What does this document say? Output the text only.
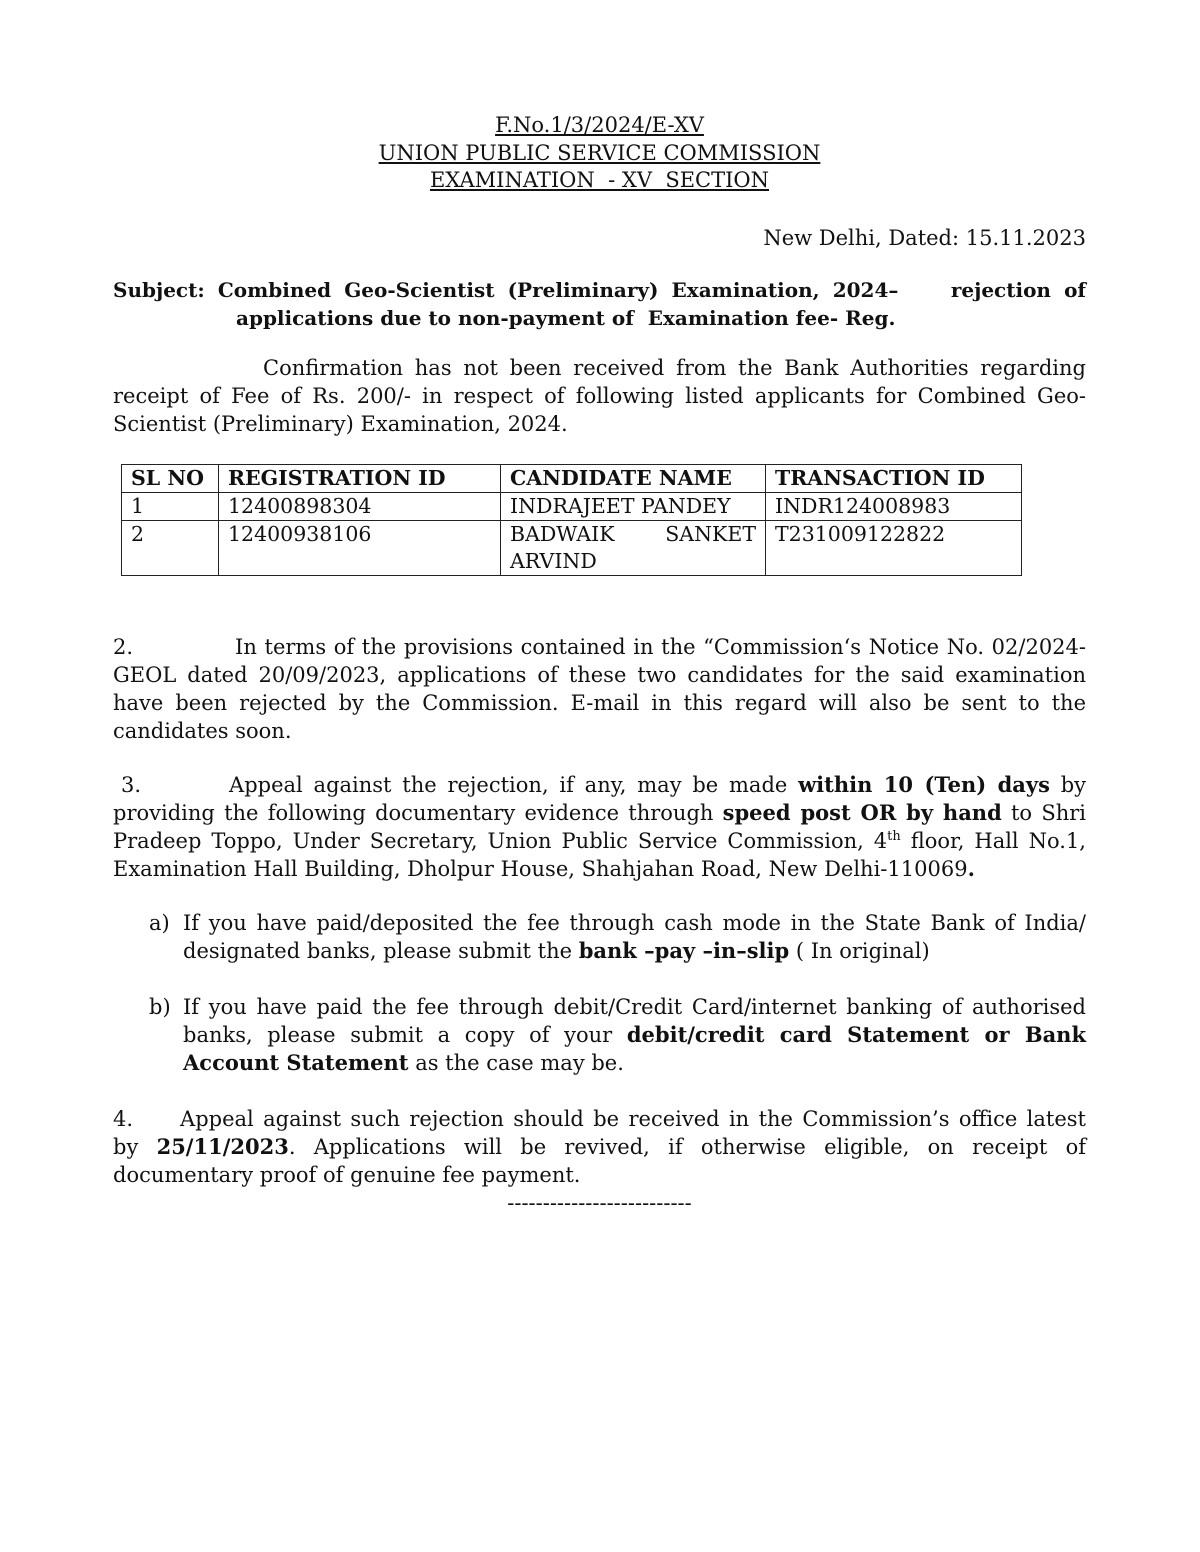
F.No.1/3/2024/E-XV
UNION PUBLIC SERVICE COMMISSION
EXAMINATION  - XV  SECTION
New Delhi, Dated: 15.11.2023
Subject: Combined Geo-Scientist (Preliminary) Examination, 2024–    rejection of applications due to non-payment of  Examination fee- Reg.
Confirmation has not been received from the Bank Authorities regarding receipt of Fee of Rs. 200/- in respect of following listed applicants for Combined Geo-Scientist (Preliminary) Examination, 2024.
SL NO	REGISTRATION ID	CANDIDATE NAME	TRANSACTION ID
1	12400898304	INDRAJEET PANDEY	INDR124008983
2	12400938106	BADWAIK SANKET ARVIND	T231009122822
2.	In terms of the provisions contained in the “Commission‘s Notice No. 02/2024-GEOL dated 20/09/2023, applications of these two candidates for the said examination have been rejected by the Commission. E-mail in this regard will also be sent to the candidates soon.
3.	Appeal against the rejection, if any, may be made within 10 (Ten) days by providing the following documentary evidence through speed post OR by hand to Shri Pradeep Toppo, Under Secretary, Union Public Service Commission, 4th floor, Hall No.1, Examination Hall Building, Dholpur House, Shahjahan Road, New Delhi-110069.
a) If you have paid/deposited the fee through cash mode in the State Bank of India/ designated banks, please submit the bank –pay –in–slip ( In original)
b) If you have paid the fee through debit/Credit Card/internet banking of authorised banks, please submit a copy of your debit/credit card Statement or Bank Account Statement as the case may be.
4. Appeal against such rejection should be received in the Commission’s office latest by 25/11/2023. Applications will be revived, if otherwise eligible, on receipt of documentary proof of genuine fee payment.
--------------------------
